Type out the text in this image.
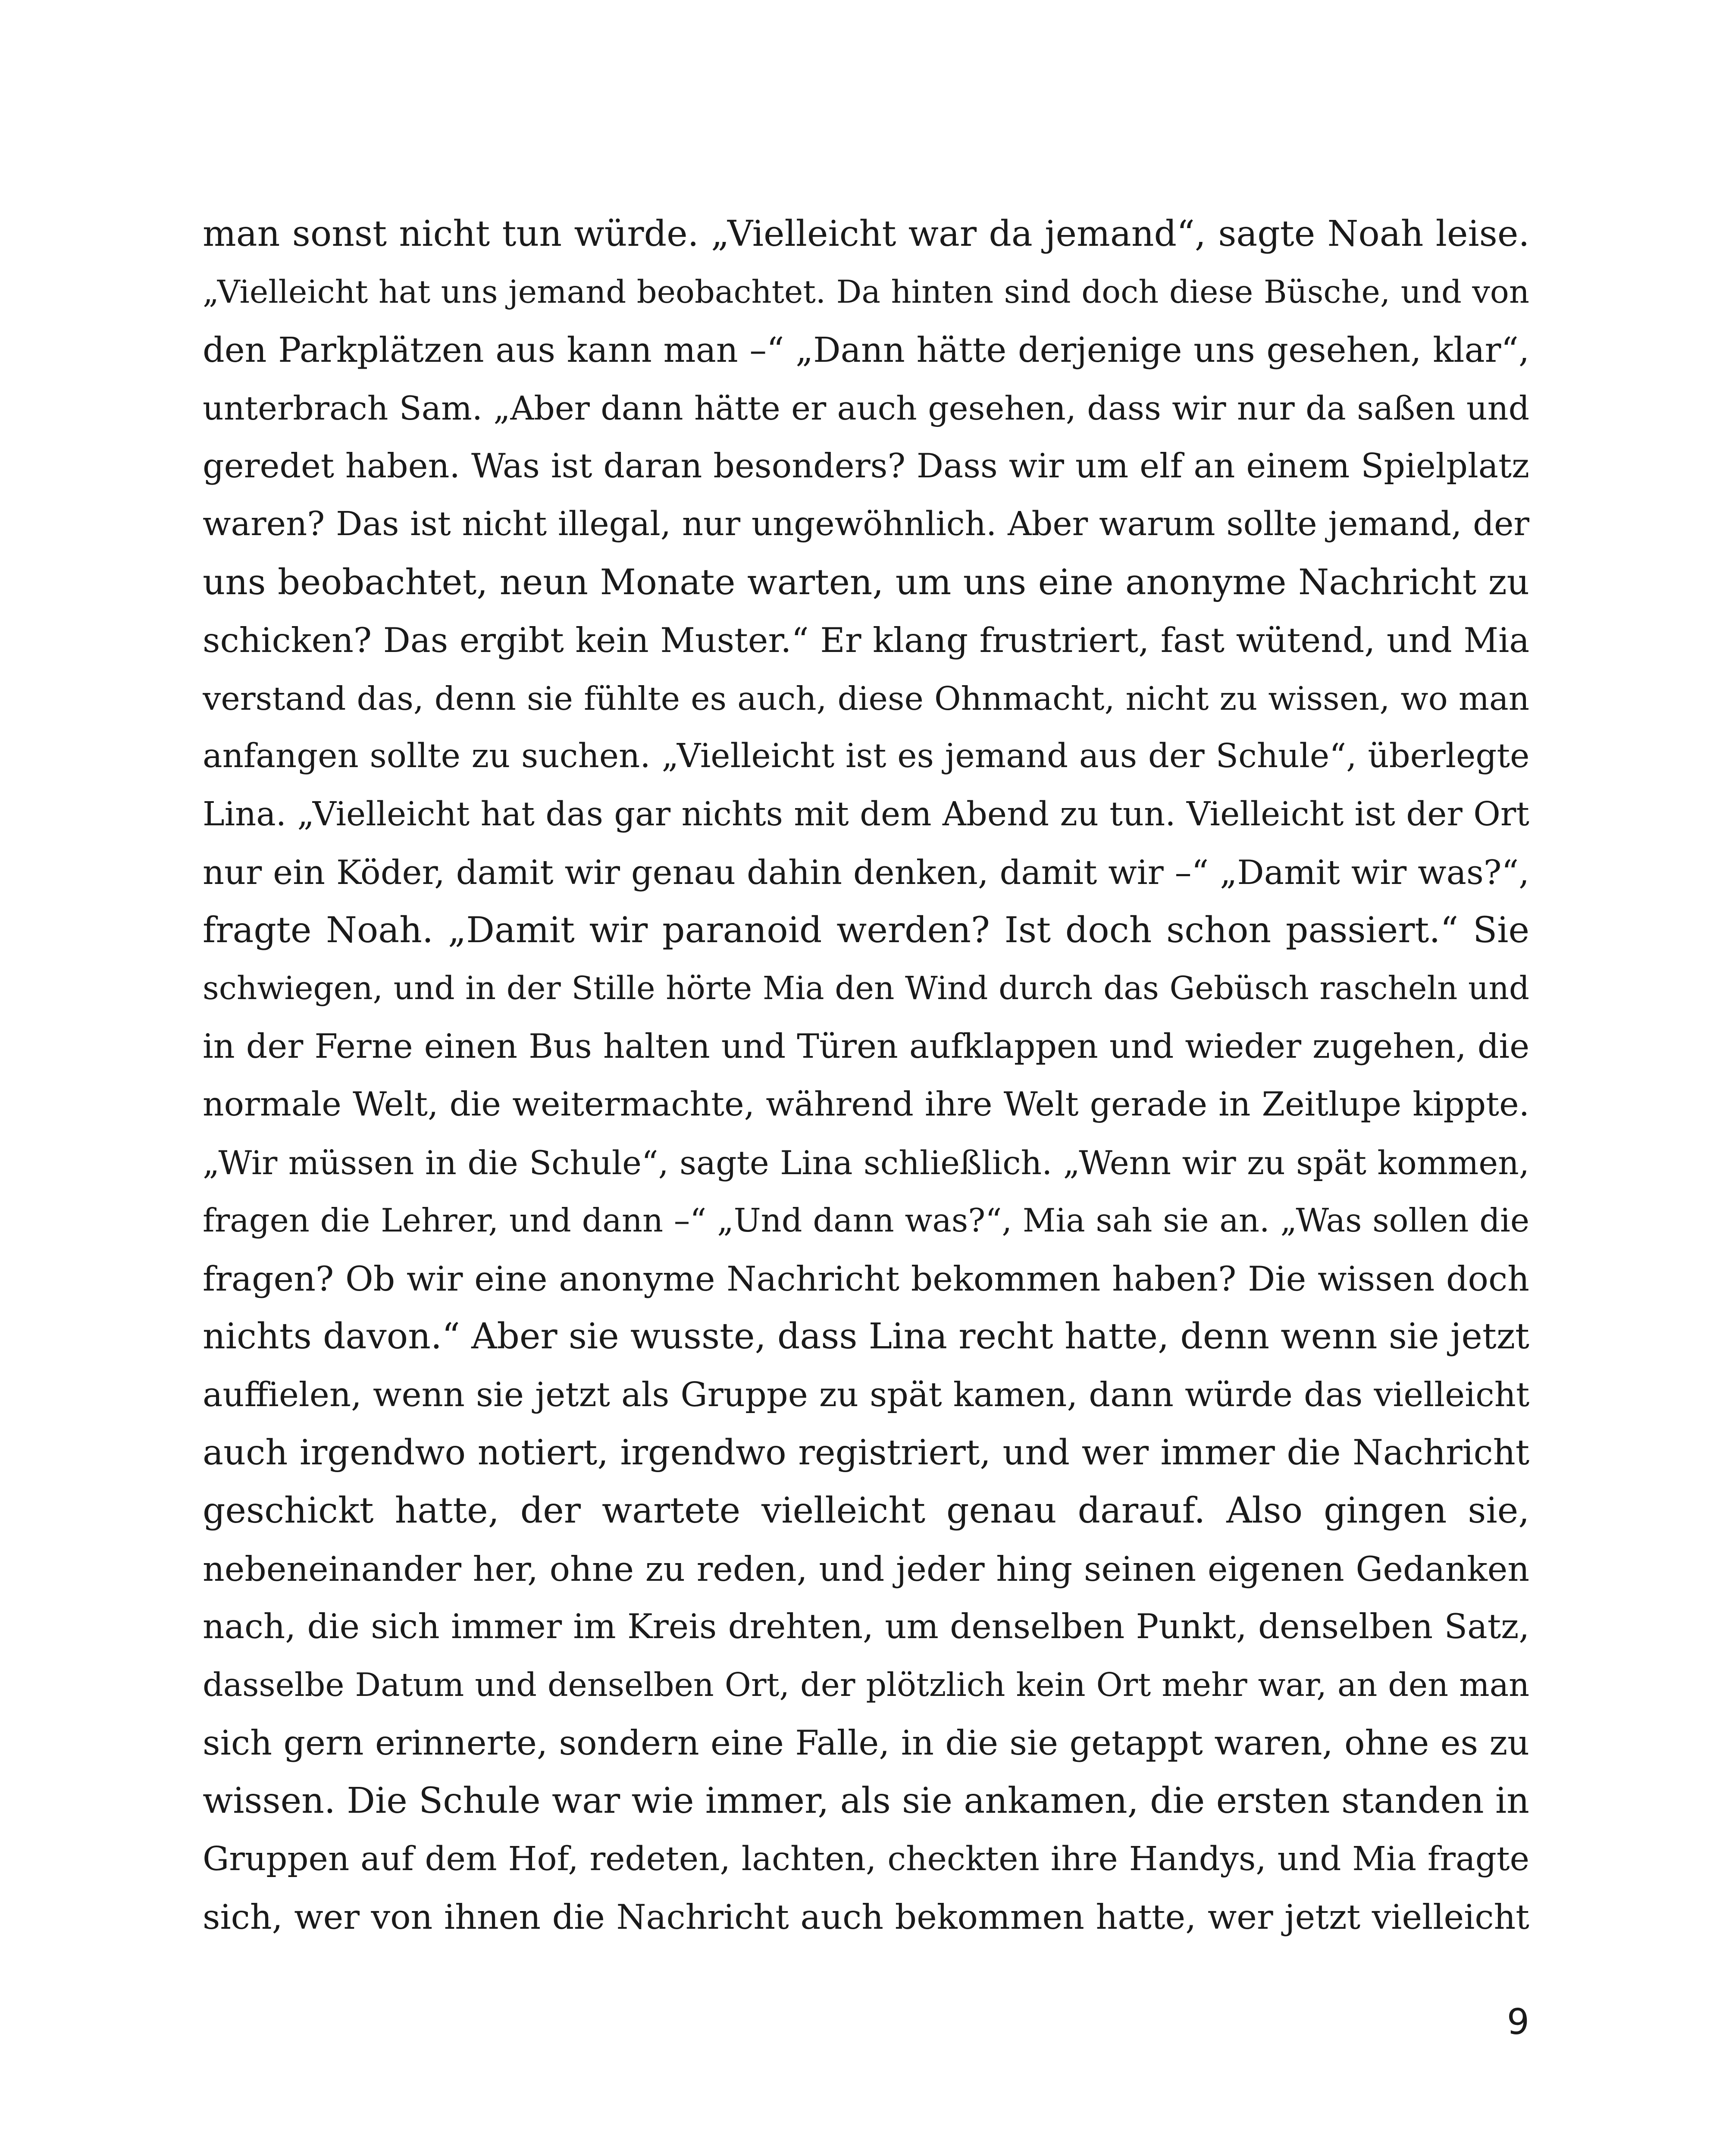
man sonst nicht tun würde. „Vielleicht war da jemand“, sagte Noah leise.
„Vielleicht hat uns jemand beobachtet. Da hinten sind doch diese Büsche, und von
den Parkplätzen aus kann man –“ „Dann hätte derjenige uns gesehen, klar“,
unterbrach Sam. „Aber dann hätte er auch gesehen, dass wir nur da saßen und
geredet haben. Was ist daran besonders? Dass wir um elf an einem Spielplatz
waren? Das ist nicht illegal, nur ungewöhnlich. Aber warum sollte jemand, der
uns beobachtet, neun Monate warten, um uns eine anonyme Nachricht zu
schicken? Das ergibt kein Muster.“ Er klang frustriert, fast wütend, und Mia
verstand das, denn sie fühlte es auch, diese Ohnmacht, nicht zu wissen, wo man
anfangen sollte zu suchen. „Vielleicht ist es jemand aus der Schule“, überlegte
Lina. „Vielleicht hat das gar nichts mit dem Abend zu tun. Vielleicht ist der Ort
nur ein Köder, damit wir genau dahin denken, damit wir –“ „Damit wir was?“,
fragte Noah. „Damit wir paranoid werden? Ist doch schon passiert.“ Sie
schwiegen, und in der Stille hörte Mia den Wind durch das Gebüsch rascheln und
in der Ferne einen Bus halten und Türen aufklappen und wieder zugehen, die
normale Welt, die weitermachte, während ihre Welt gerade in Zeitlupe kippte.
„Wir müssen in die Schule“, sagte Lina schließlich. „Wenn wir zu spät kommen,
fragen die Lehrer, und dann –“ „Und dann was?“, Mia sah sie an. „Was sollen die
fragen? Ob wir eine anonyme Nachricht bekommen haben? Die wissen doch
nichts davon.“ Aber sie wusste, dass Lina recht hatte, denn wenn sie jetzt
auffielen, wenn sie jetzt als Gruppe zu spät kamen, dann würde das vielleicht
auch irgendwo notiert, irgendwo registriert, und wer immer die Nachricht
geschickt hatte, der wartete vielleicht genau darauf. Also gingen sie,
nebeneinander her, ohne zu reden, und jeder hing seinen eigenen Gedanken
nach, die sich immer im Kreis drehten, um denselben Punkt, denselben Satz,
dasselbe Datum und denselben Ort, der plötzlich kein Ort mehr war, an den man
sich gern erinnerte, sondern eine Falle, in die sie getappt waren, ohne es zu
wissen. Die Schule war wie immer, als sie ankamen, die ersten standen in
Gruppen auf dem Hof, redeten, lachten, checkten ihre Handys, und Mia fragte
sich, wer von ihnen die Nachricht auch bekommen hatte, wer jetzt vielleicht

9
